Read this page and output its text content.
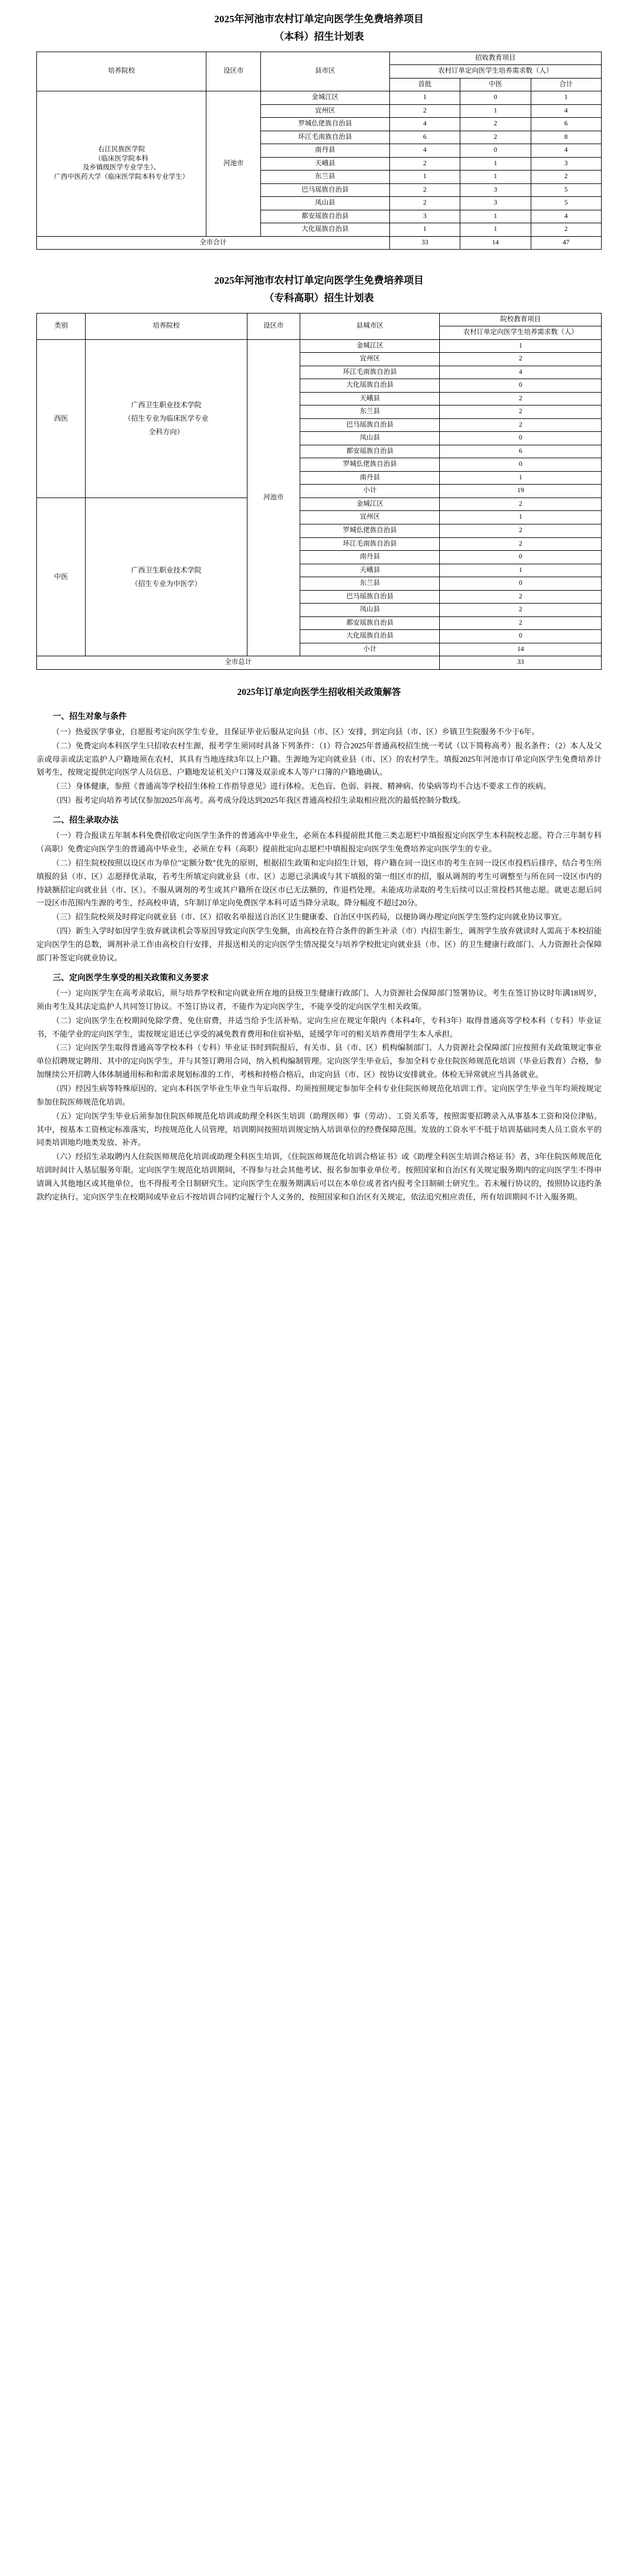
2025年河池市农村订单定向医学生免费培养项目
（本科）招生计划表
培养院校	设区市	县市区	招收教育项目		
			农村订单定向医学生培养需求数（人）		
			首批	中医	合计
右江民族医学院
（临床医学院本科
及乡镇级医学专业学生）、
广西中医药大学（临床医学院本科专业学生）	河池市	金城江区	1	0	1
		宜州区	2	1	4
		罗城仫佬族自治县	4	2	6
		环江毛南族自治县	6	2	8
		南丹县	4	0	4
		天峨县	2	1	3
		东兰县	1	1	2
		巴马瑶族自治县	2	3	5
		凤山县	2	3	5
		都安瑶族自治县	3	1	4
		大化瑶族自治县	1	1	2
全市合计			33	14	47
2025年河池市农村订单定向医学生免费培养项目
（专科高职）招生计划表
类别	培养院校	设区市	县城市区	院校教育项目
				农村订单定向医学生培养需求数（人）
西医	广西卫生职业技术学院
（招生专业为临床医学专业
全科方向）	河池市	金城江区	1
			宜州区	2
			环江毛南族自治县	4
			大化瑶族自治县	0
			天峨县	2
			东兰县	2
			巴马瑶族自治县	2
			凤山县	0
			都安瑶族自治县	6
			罗城仫佬族自治县	0
			南丹县	1
			小计	19
中医	广西卫生职业技术学院
（招生专业为中医学）		金城江区	2
			宜州区	1
			罗城仫佬族自治县	2
			环江毛南族自治县	2
			南丹县	0
			天峨县	1
			东兰县	0
			巴马瑶族自治县	2
			凤山县	2
			都安瑶族自治县	2
			大化瑶族自治县	0
			小计	14
全市总计				33
2025年订单定向医学生招收相关政策解答
一、招生对象与条件

（一）热爱医学事业，自愿报考定向医学生专业，且保证毕业后服从定向县（市、区）安排，到定向县（市、区）乡镇卫生院服务不少于6年。

（二）免费定向本科医学生只招收农村生源，报考学生须同时具备下列条件：（1）符合2025年普通高校招生统一考试（以下简称高考）报名条件；（2）本人及父亲或母亲或法定监护人户籍地须在农村，其具有当地连续3年以上户籍。生源地为定向就业县（市、区）的农村学生。填报2025年河池市订单定向医学生免费培养计划考生，按规定提供定向医学人员信息、户籍地发证机关户口簿及双亲或本人等户口簿的户籍地确认。

（三）身体健康，参照《普通高等学校招生体检工作指导意见》进行体检。无色盲、色弱、斜视、精神病、传染病等均不合达不要求工作的疾病。

（四）报考定向培养考试仅参加2025年高考。高考成分段达到2025年我区普通高校招生录取相应批次的最低控制分数线。

二、招生录取办法

（一）符合报读五年制本科免费招收定向医学生条件的普通高中毕业生，必须在本科提前批其他三类志愿栏中填报报定向医学生本科院校志愿。符合三年制专科（高职）免费定向医学生的普通高中毕业生，必须在专科（高职）提前批定向志愿栏中填报报定向医学生免费培养定向医学生的专业。

（二）招生院校按照以设区市为单位"定额分数"优先的原则，根据招生政策和定向招生计划，将户籍在同一设区市的考生在同一设区市投档后排序，结合考生所填报的县（市、区）志愿择优录取，若考生所填定向就业县（市、区）志愿已录满或与其下填报的第一组区市的招，服从调剂的考生可调整至与所在同一设区市内的待缺额招定向就业县（市、区）。不服从调剂的考生或其户籍所在设区市已无法额的，作退档处理。未能成功录取的考生后续可以正常投档其他志愿。就更志愿后同一设区市范围内生源的考生，经高校申请，5年制订单定向免费医学本科可适当降分录取。降分幅度不超过20分。

（三）招生院校须及时将定向就业县（市、区）招收名单报送自治区卫生健康委、自治区中医药局，以便协调办理定向医学生签约定向就业协议事宜。

（四）新生入学时如因学生放弃就读机会等原因导致定向医学生免额，由高校在符合条件的新生补录（市）内招生新生，调剂学生放弃就读时人需高于本校招能定向医学生的总数，调剂补录工作由高校自行安排，并报送相关的定向医学生情况提交与培养学校批定向就业县（市、区）的卫生健康行政部门、人力资源社会保障部门补签定向就业协议。

三、定向医学生享受的相关政策和义务要求

（一）定向医学生在高考录取后，须与培养学校和定向就业所在地的县级卫生健康行政部门、人力资源社会保障部门签署协议。考生在签订协议时年满18周岁，须由考生及其法定监护人共同签订协议。不签订协议者，不能作为定向医学生，不能享受的定向医学生相关政策。

（二）定向医学生在校期间免除学费、免住宿费，并适当给予生活补贴。定向生应在规定年限内（本科4年，专科3年）取得普通高等学校本科（专科）毕业证书，不能学业的定向医学生，需按规定退还已享受的减免教育费用和住宿补贴，延缓学年可的相关培养费用学生本人承担。

（三）定向医学生取得普通高等学校本科（专科）毕业证书时到院报后，有关市、县（市、区）机构编制部门、人力资源社会保障部门应按照有关政策规定事业单位招聘规定聘用、其中的定向医学生，并与其签订聘用合同，纳入机构编制管理。定向医学生毕业后，参加全科专业住院医师规范化培训（毕业后教育）合格，参加继续公开招聘人体体制通用标和和需求规划标准的工作，考核和持格合格后，由定向县（市、区）按协议安排就业。体检无异常就应当具备就业。

（四）经因生病等特殊原因的、定向本科医学毕业生毕业当年后取得、均须按照规定参加年全科专业住院医师规范化培训工作。定向医学生毕业当年均须按规定参加住院医师规范化培训。

（五）定向医学生毕业后须参加住院医师规范化培训或助理全科医生培训（助理医师）事（劳动）、工资关系等，按照需要招聘录入从事基本工资和岗位津贴。其中，按基本工资核定标准落实，均按规范化人员管理，培训期间按照培训规定纳入培训单位的经费保障范围。发放的工资水平不低于培训基础同类人员工资水平的同类培训地均地类发放、补齐。

（六）经招生录取聘内人住院医师规范化培训或助理全科医生培训，《住院医师规范化培训合格证书》或《助理全科医生培训合格证书》者，3年住院医师规范化培训时间计入基层服务年限。定向医学生规范化培训期间，不得参与社会其他考试、报名参加事业单位考。按照国家和自治区有关规定服务期内的定向医学生不得申请调入其他地区或其他单位，也不得报考全日制研究生。定向医学生在服务期满后可以在本单位或者省内报考全日制硕士研究生。若未履行协议的，按照协议违约条款约定执行。定向医学生在校期间或毕业后不按培训合同约定履行个人义务的，按照国家和自治区有关规定，依法追究相应责任，所有培训期间不计入服务期。
